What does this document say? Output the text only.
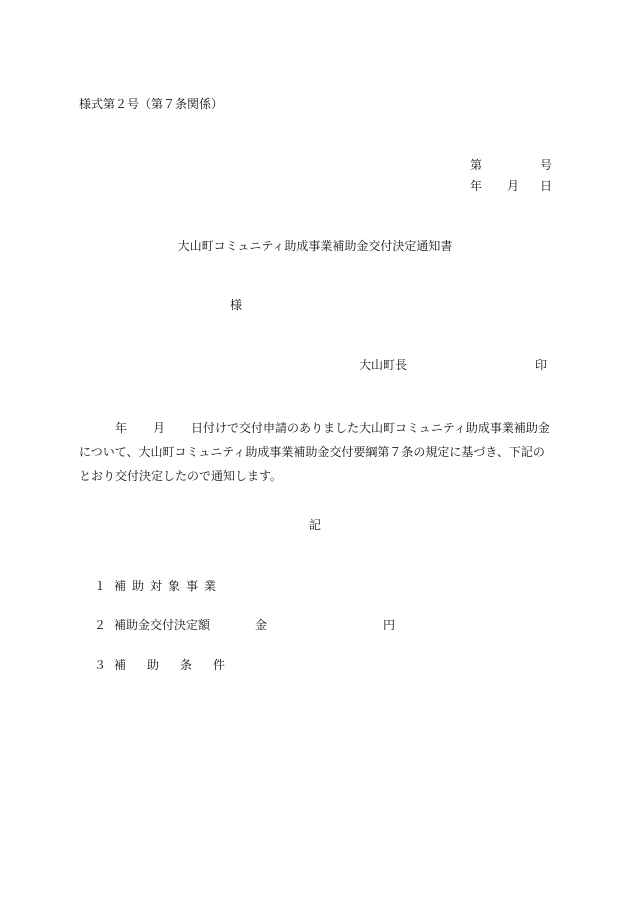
様式第２号（第７条関係）
第	号
年 月 日
大山町コミュニティ助成事業補助金交付決定通知書
様
大山町長	印
年 月 日付けで交付申請のありました大山町コミュニティ助成事業補助金について、大山町コミュニティ助成事業補助金交付要綱第７条の規定に基づき、下記のとおり交付決定したので通知します。
記
１ 補助対象事業
２ 補助金交付決定額	金	円
３ 補助条件
